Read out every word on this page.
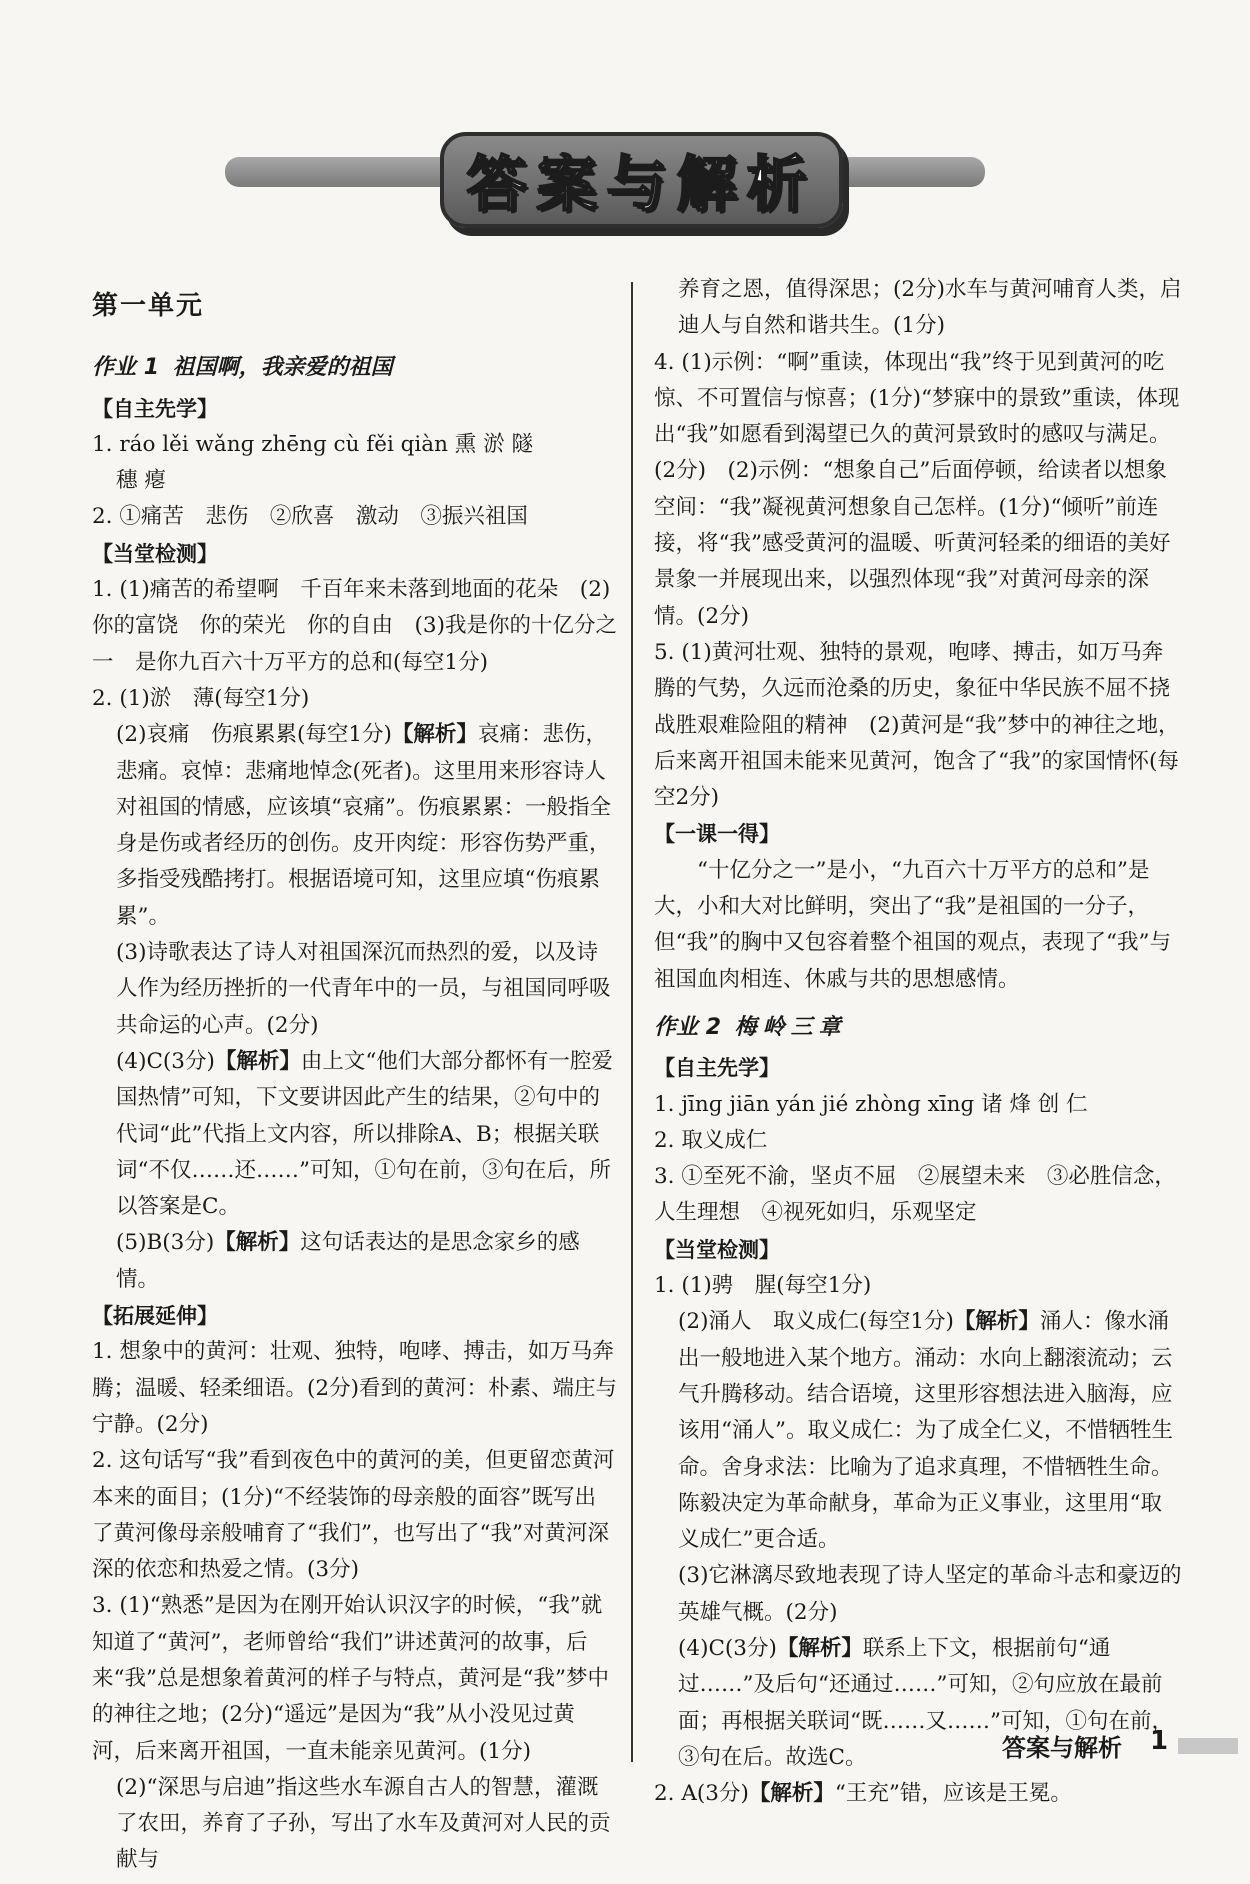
答案与解析
第一单元
作业 1 祖国啊，我亲爱的祖国
【自主先学】

1. ráo lěi wǎnɡ zhēnɡ cù fěi qiàn 熏 淤 隧

穗 瘪

2. ①痛苦　悲伤　②欣喜　激动　③振兴祖国

【当堂检测】

1. (1)痛苦的希望啊　千百年来未落到地面的花朵　(2)你的富饶　你的荣光　你的自由　(3)我是你的十亿分之一　是你九百六十万平方的总和(每空1分)

2. (1)淤　薄(每空1分)

(2)哀痛　伤痕累累(每空1分)【解析】哀痛：悲伤，悲痛。哀悼：悲痛地悼念(死者)。这里用来形容诗人对祖国的情感，应该填“哀痛”。伤痕累累：一般指全身是伤或者经历的创伤。皮开肉绽：形容伤势严重，多指受残酷拷打。根据语境可知，这里应填“伤痕累累”。

(3)诗歌表达了诗人对祖国深沉而热烈的爱，以及诗人作为经历挫折的一代青年中的一员，与祖国同呼吸共命运的心声。(2分)

(4)C(3分)【解析】由上文“他们大部分都怀有一腔爱国热情”可知，下文要讲因此产生的结果，②句中的代词“此”代指上文内容，所以排除A、B；根据关联词“不仅……还……”可知，①句在前，③句在后，所以答案是C。

(5)B(3分)【解析】这句话表达的是思念家乡的感情。

【拓展延伸】

1. 想象中的黄河：壮观、独特，咆哮、搏击，如万马奔腾；温暖、轻柔细语。(2分)看到的黄河：朴素、端庄与宁静。(2分)

2. 这句话写“我”看到夜色中的黄河的美，但更留恋黄河本来的面目；(1分)“不经装饰的母亲般的面容”既写出了黄河像母亲般哺育了“我们”，也写出了“我”对黄河深深的依恋和热爱之情。(3分)

3. (1)“熟悉”是因为在刚开始认识汉字的时候，“我”就知道了“黄河”，老师曾给“我们”讲述黄河的故事，后来“我”总是想象着黄河的样子与特点，黄河是“我”梦中的神往之地；(2分)“遥远”是因为“我”从小没见过黄河，后来离开祖国，一直未能亲见黄河。(1分)

(2)“深思与启迪”指这些水车源自古人的智慧，灌溉了农田，养育了子孙，写出了水车及黄河对人民的贡献与

养育之恩，值得深思；(2分)水车与黄河哺育人类，启迪人与自然和谐共生。(1分)

4. (1)示例：“啊”重读，体现出“我”终于见到黄河的吃惊、不可置信与惊喜；(1分)“梦寐中的景致”重读，体现出“我”如愿看到渴望已久的黄河景致时的感叹与满足。(2分)　(2)示例：“想象自己”后面停顿，给读者以想象空间：“我”凝视黄河想象自己怎样。(1分)“倾听”前连接，将“我”感受黄河的温暖、听黄河轻柔的细语的美好景象一并展现出来，以强烈体现“我”对黄河母亲的深情。(2分)

5. (1)黄河壮观、独特的景观，咆哮、搏击，如万马奔腾的气势，久远而沧桑的历史，象征中华民族不屈不挠战胜艰难险阻的精神　(2)黄河是“我”梦中的神往之地，后来离开祖国未能来见黄河，饱含了“我”的家国情怀(每空2分)

【一课一得】

“十亿分之一”是小，“九百六十万平方的总和”是大，小和大对比鲜明，突出了“我”是祖国的一分子，但“我”的胸中又包容着整个祖国的观点，表现了“我”与祖国血肉相连、休戚与共的思想感情。

作业 2 梅岭三章
【自主先学】

1. jīnɡ jiān yán jié zhònɡ xīnɡ 诸 烽 创 仁

2. 取义成仁

3. ①至死不渝，坚贞不屈　②展望未来　③必胜信念，人生理想　④视死如归，乐观坚定

【当堂检测】

1. (1)骋　腥(每空1分)

(2)涌人　取义成仁(每空1分)【解析】涌人：像水涌出一般地进入某个地方。涌动：水向上翻滚流动；云气升腾移动。结合语境，这里形容想法进入脑海，应该用“涌人”。取义成仁：为了成全仁义，不惜牺牲生命。舍身求法：比喻为了追求真理，不惜牺牲生命。陈毅决定为革命献身，革命为正义事业，这里用“取义成仁”更合适。

(3)它淋漓尽致地表现了诗人坚定的革命斗志和豪迈的英雄气概。(2分)

(4)C(3分)【解析】联系上下文，根据前句“通过……”及后句“还通过……”可知，②句应放在最前面；再根据关联词“既……又……”可知，①句在前，③句在后。故选C。

2. A(3分)【解析】“王充”错，应该是王冕。

答案与解析 1
